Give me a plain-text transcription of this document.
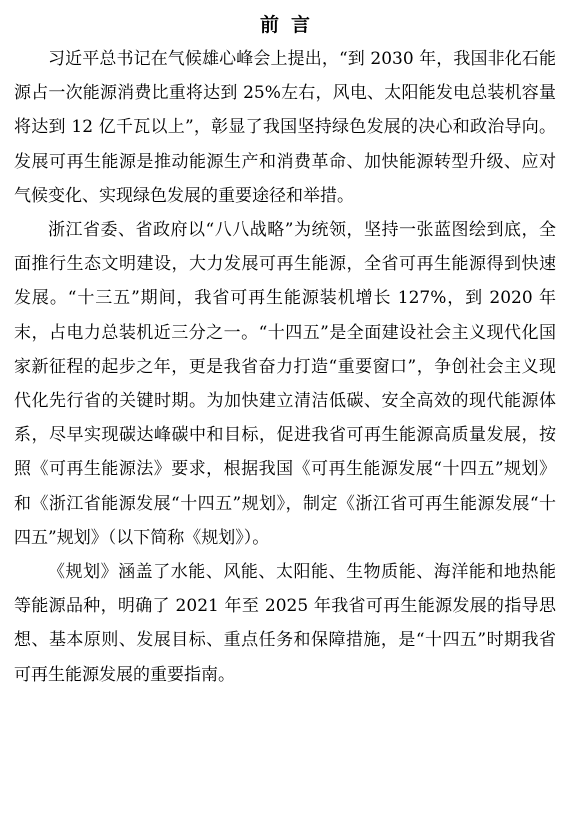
前言

习近平总书记在气候雄心峰会上提出，“到 2030 年，我国非化石能源占一次能源消费比重将达到 25%左右，风电、太阳能发电总装机容量将达到 12 亿千瓦以上”，彰显了我国坚持绿色发展的决心和政治导向。发展可再生能源是推动能源生产和消费革命、加快能源转型升级、应对气候变化、实现绿色发展的重要途径和举措。

浙江省委、省政府以“八八战略”为统领，坚持一张蓝图绘到底，全面推行生态文明建设，大力发展可再生能源，全省可再生能源得到快速发展。“十三五”期间，我省可再生能源装机增长 127%，到 2020 年末，占电力总装机近三分之一。“十四五”是全面建设社会主义现代化国家新征程的起步之年，更是我省奋力打造“重要窗口”，争创社会主义现代化先行省的关键时期。为加快建立清洁低碳、安全高效的现代能源体系，尽早实现碳达峰碳中和目标，促进我省可再生能源高质量发展，按照《可再生能源法》要求，根据我国《可再生能源发展“十四五”规划》和《浙江省能源发展“十四五”规划》，制定《浙江省可再生能源发展“十四五”规划》（以下简称《规划》）。

《规划》涵盖了水能、风能、太阳能、生物质能、海洋能和地热能等能源品种，明确了 2021 年至 2025 年我省可再生能源发展的指导思想、基本原则、发展目标、重点任务和保障措施，是“十四五”时期我省可再生能源发展的重要指南。
